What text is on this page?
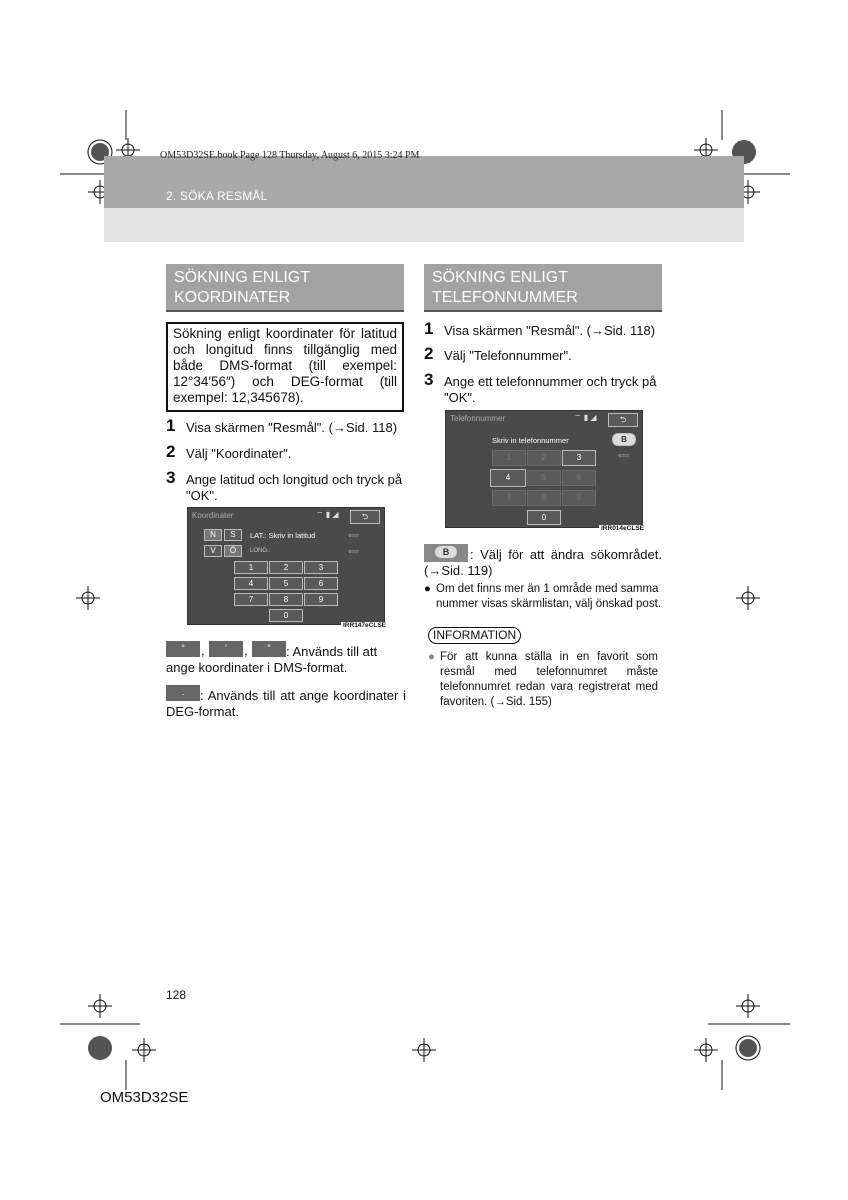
OM53D32SE.book Page 128 Thursday, August 6, 2015 3:24 PM
2. SÖKA RESMÅL
SÖKNING ENLIGT
KOORDINATER
Sökning enligt koordinater för latitud och longitud finns tillgänglig med både DMS-format (till exempel: 12°34′56″) och DEG-format (till exempel: 12,345678).
1 Visa skärmen "Resmål". (→Sid. 118)
2 Välj "Koordinater".
3 Ange latitud och longitud och tryck på "OK".
Koordinater	⌔ ▮ ◢	⮌
N	S
V	Ö
LAT.: Skriv in latitud
LONG.:
⟸
⟸
1	2	3
4	5	6
7	8	9
0
IRR147eCLSE
°	,	′	,	″	: Används till att ange koordinater i DMS-format.
.	: Används till att ange koordinater i DEG-format.
SÖKNING ENLIGT
TELEFONNUMMER
1 Visa skärmen "Resmål". (→Sid. 118)
2 Välj "Telefonnummer".
3 Ange ett telefonnummer och tryck på "OK".
Telefonnummer	⌔ ▮ ◢	⮌
Skriv in telefonnummer	B
⟸
1	2	3
4	5	6
7	8	9
0
IRR014eCLSE
B	: Välj för att ändra sökområdet. (→Sid. 119)
● Om det finns mer än 1 område med samma nummer visas skärmlistan, välj önskad post.
INFORMATION
● För att kunna ställa in en favorit som resmål med telefonnumret måste telefonnumret redan vara registrerat med favoriten. (→Sid. 155)
128
OM53D32SE
